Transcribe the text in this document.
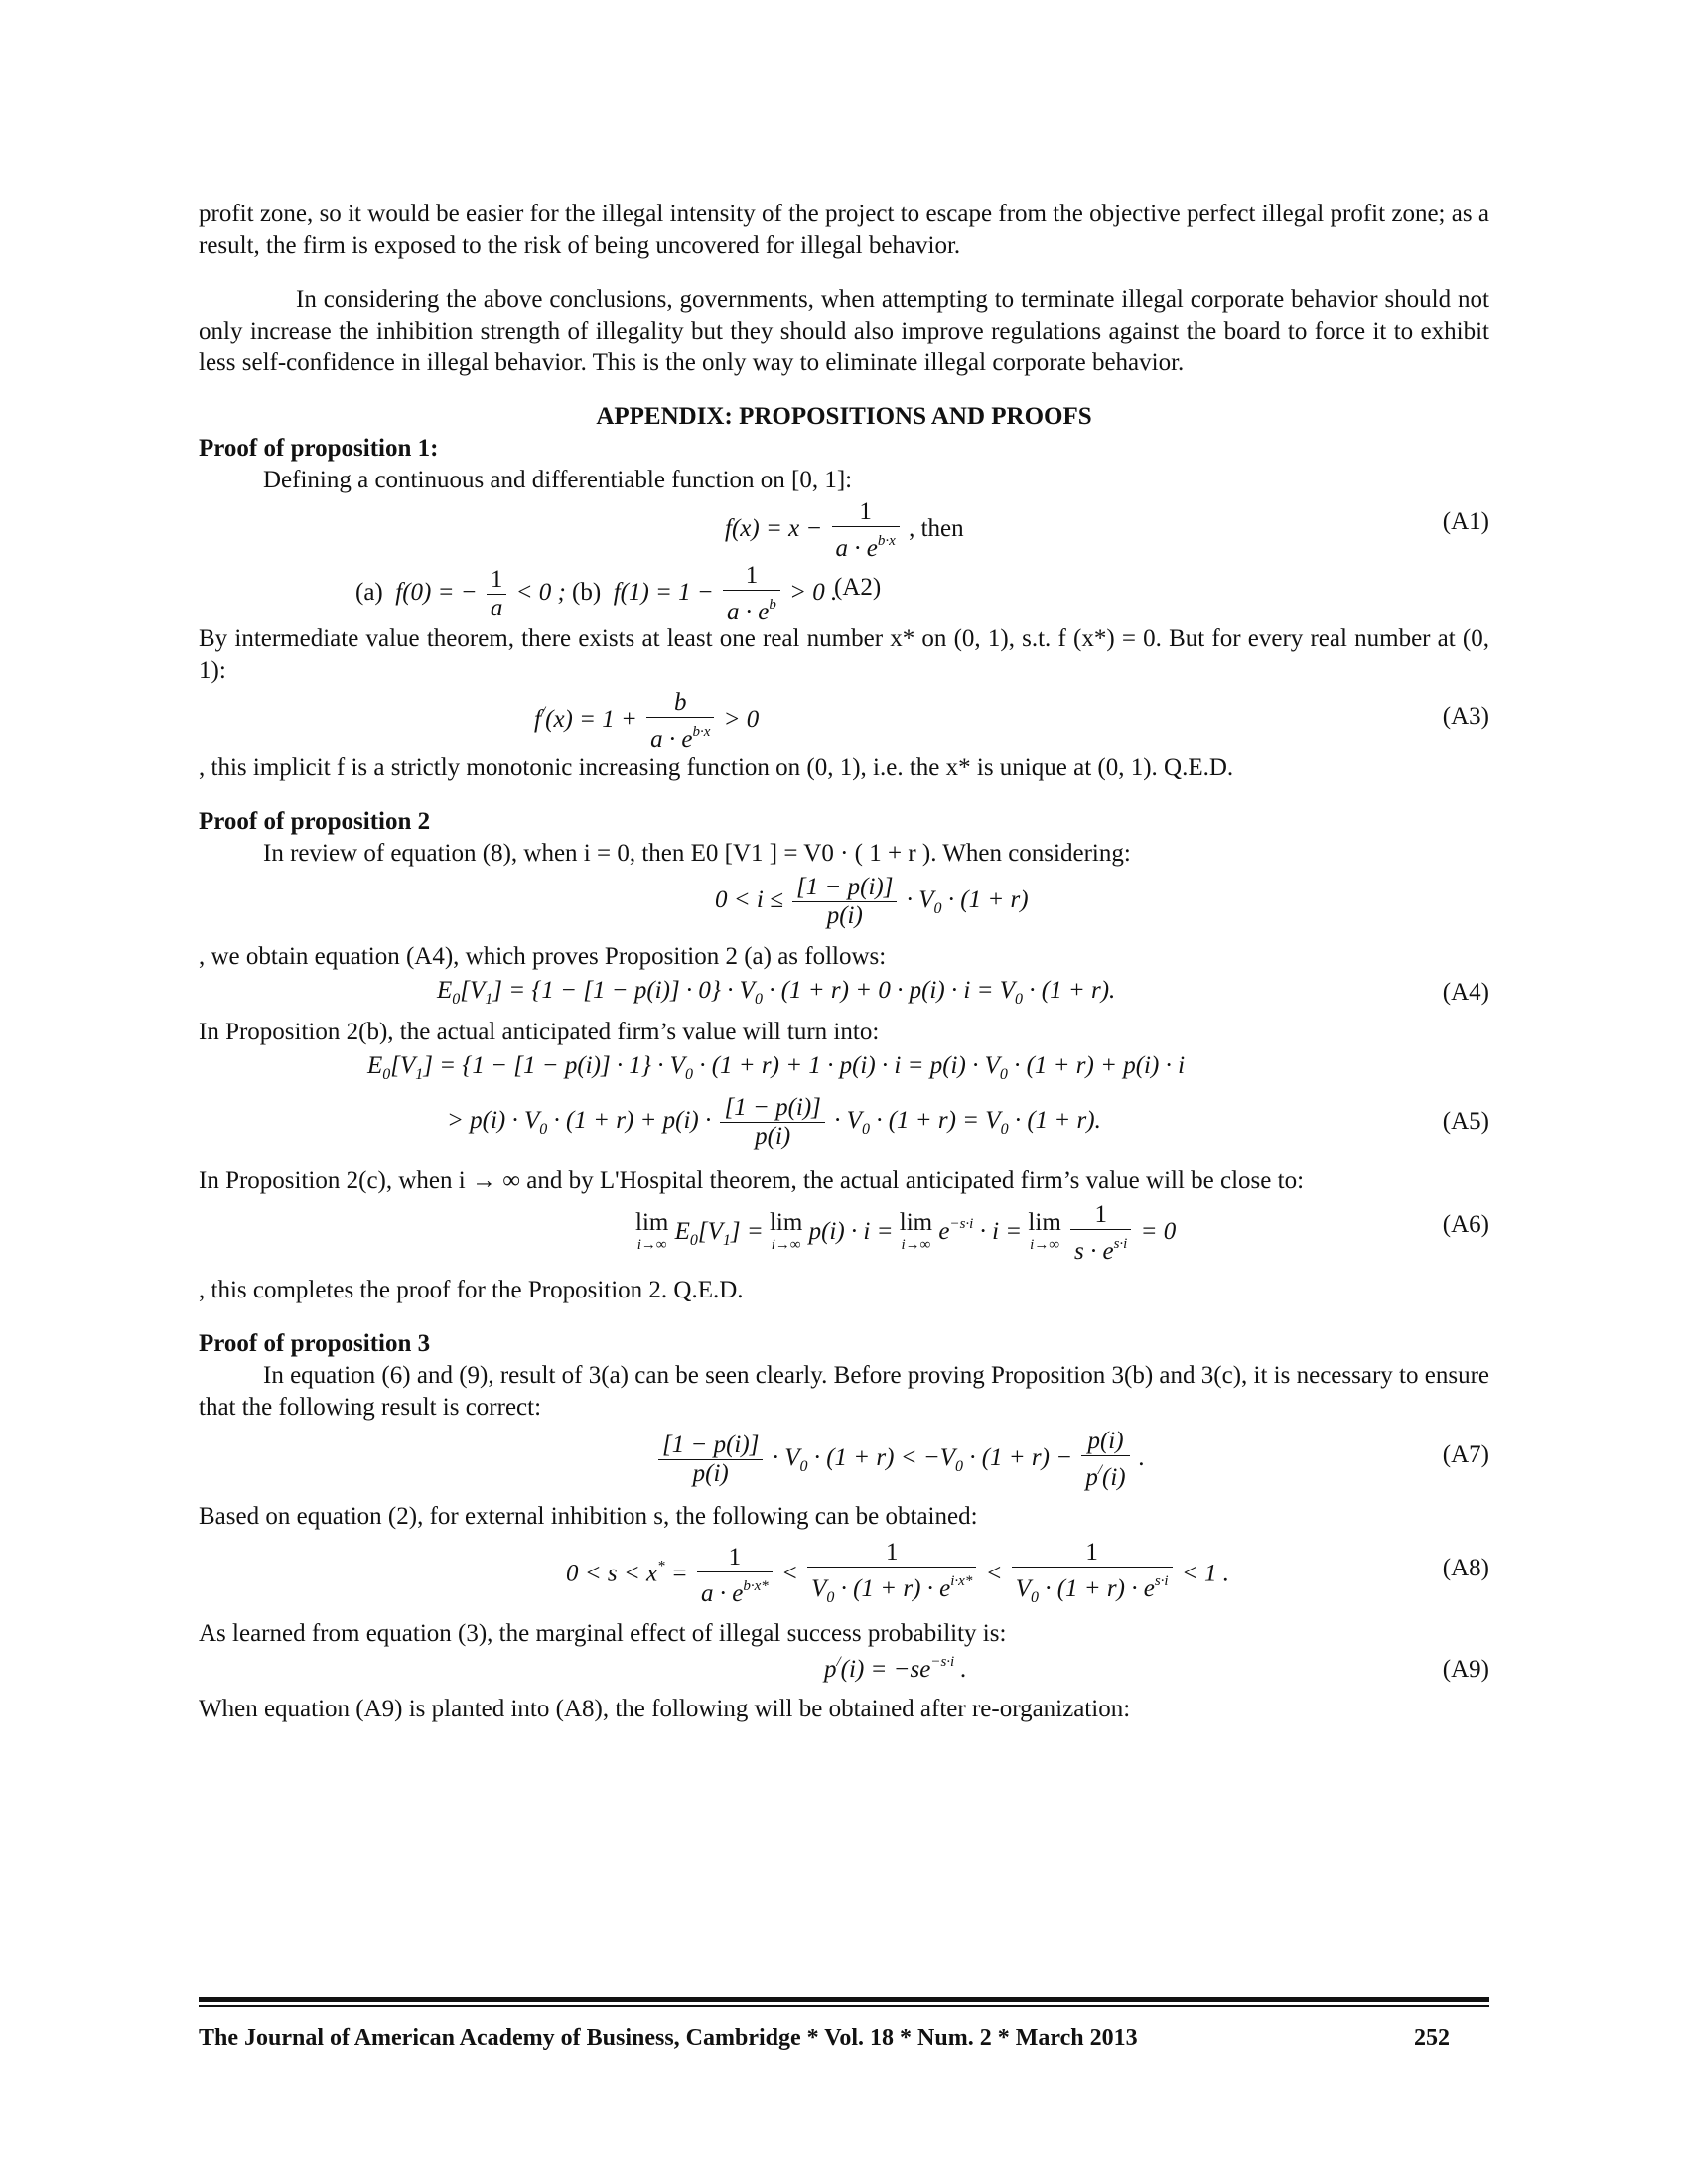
profit zone, so it would be easier for the illegal intensity of the project to escape from the objective perfect illegal profit zone; as a result, the firm is exposed to the risk of being uncovered for illegal behavior.

In considering the above conclusions, governments, when attempting to terminate illegal corporate behavior should not only increase the inhibition strength of illegality but they should also improve regulations against the board to force it to exhibit less self-confidence in illegal behavior. This is the only way to eliminate illegal corporate behavior.

APPENDIX: PROPOSITIONS AND PROOFS

Proof of proposition 1:

Defining a continuous and differentiable function on [0, 1]:

$f(x) = x - \frac{1}{a \cdot e^{b\cdot x}}$ , then	(A1)
(a)  f(0) = − $\frac{1}{a} < 0$ ; (b)  $f(1) = 1 - \frac{1}{a \cdot e^b} > 0$ .
(A2)

By intermediate value theorem, there exists at least one real number x* on (0, 1), s.t. f (x*) = 0. But for every real number at (0, 1):

$f^/(x) = 1 + \frac{b}{a \cdot e^{b\cdot x}} > 0$	(A3)

, this implicit f is a strictly monotonic increasing function on (0, 1), i.e. the x* is unique at (0, 1). Q.E.D.

Proof of proposition 2

In review of equation (8), when i = 0, then E0 [V1 ] = V0 · ( 1 + r ). When considering:

$0 < i \le \frac{[1 - p(i)]}{p(i)} \cdot V_0 \cdot (1 + r)$

, we obtain equation (A4), which proves Proposition 2 (a) as follows:

$E_0[V_1] = \{1 - [1 - p(i)] \cdot 0\} \cdot V_0 \cdot (1 + r) + 0 \cdot p(i) \cdot i = V_0 \cdot (1 + r)$.	(A4)

In Proposition 2(b), the actual anticipated firm’s value will turn into:

$E_0[V_1] = \{1 - [1 - p(i)] \cdot 1\} \cdot V_0 \cdot (1 + r) + 1 \cdot p(i) \cdot i = p(i) \cdot V_0 \cdot (1 + r) + p(i) \cdot i$
> $p(i) \cdot V_0 \cdot (1 + r) + p(i) \cdot \frac{[1 - p(i)]}{p(i)} \cdot V_0 \cdot (1 + r) = V_0 \cdot (1 + r)$.	(A5)

In Proposition 2(c), when i → ∞ and by L'Hospital theorem, the actual anticipated firm’s value will be close to:

lim
i→∞ $E_0[V_1] = \lim$
i→∞ p(i) · i = lim
i→∞ $e^{-s\cdot i} \cdot i = \lim$
i→∞
$\frac{1}{s \cdot e^{s\cdot i}} = 0$	(A6)

, this completes the proof for the Proposition 2. Q.E.D.

Proof of proposition 3

In equation (6) and (9), result of 3(a) can be seen clearly. Before proving Proposition 3(b) and 3(c), it is necessary to ensure that the following result is correct:

$\frac{[1 - p(i)]}{p(i)} \cdot V_0 \cdot (1 + r) < -V_0 \cdot (1 + r) - \frac{p(i)}{p^/(i)}$ .	(A7)

Based on equation (2), for external inhibition s, the following can be obtained:

$0 < s < x^* = \frac{1}{a \cdot e^{b\cdot x*}} < \frac{1}{V_0 \cdot (1 + r) \cdot e^{i\cdot x*}} < \frac{1}{V_0 \cdot (1 + r) \cdot e^{s\cdot i}} < 1$ .	(A8)

As learned from equation (3), the marginal effect of illegal success probability is:

$p^/(i) = -se^{-s\cdot i}$ .	(A9)

When equation (A9) is planted into (A8), the following will be obtained after re-organization:

The Journal of American Academy of Business, Cambridge * Vol. 18 * Num. 2 * March 2013	252
